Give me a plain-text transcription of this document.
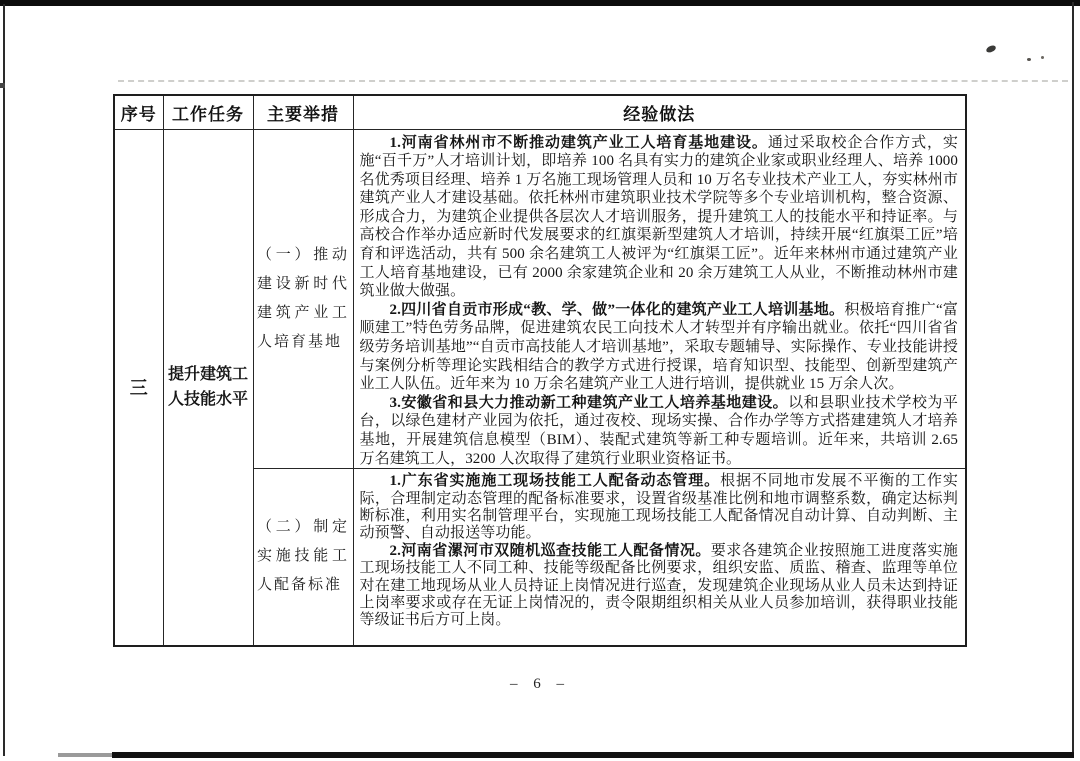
序号	工作任务	主要举措	经验做法
三	提升建筑工人技能水平	（一）推动建设新时代建筑产业工人培育基地	1.河南省林州市不断推动建筑产业工人培育基地建设。通过采取校企合作方式，实施“百千万”人才培训计划，即培养 100 名具有实力的建筑企业家或职业经理人、培养 1000 名优秀项目经理、培养 1 万名施工现场管理人员和 10 万名专业技术产业工人，夯实林州市建筑产业人才建设基础。依托林州市建筑职业技术学院等多个专业培训机构，整合资源、形成合力，为建筑企业提供各层次人才培训服务，提升建筑工人的技能水平和持证率。与高校合作举办适应新时代发展要求的红旗渠新型建筑人才培训，持续开展“红旗渠工匠”培育和评选活动，共有 500 余名建筑工人被评为“红旗渠工匠”。近年来林州市通过建筑产业工人培育基地建设，已有 2000 余家建筑企业和 20 余万建筑工人从业，不断推动林州市建筑业做大做强。

2.四川省自贡市形成“教、学、做”一体化的建筑产业工人培训基地。积极培育推广“富顺建工”特色劳务品牌，促进建筑农民工向技术人才转型并有序输出就业。依托“四川省省级劳务培训基地”“自贡市高技能人才培训基地”，采取专题辅导、实际操作、专业技能讲授与案例分析等理论实践相结合的教学方式进行授课，培育知识型、技能型、创新型建筑产业工人队伍。近年来为 10 万余名建筑产业工人进行培训，提供就业 15 万余人次。

3.安徽省和县大力推动新工种建筑产业工人培养基地建设。以和县职业技术学校为平台，以绿色建材产业园为依托，通过夜校、现场实操、合作办学等方式搭建建筑人才培养基地，开展建筑信息模型（BIM）、装配式建筑等新工种专题培训。近年来，共培训 2.65 万名建筑工人，3200 人次取得了建筑行业职业资格证书。

		（二）制定实施技能工人配备标准	1.广东省实施施工现场技能工人配备动态管理。根据不同地市发展不平衡的工作实际，合理制定动态管理的配备标准要求，设置省级基准比例和地市调整系数，确定达标判断标准，利用实名制管理平台，实现施工现场技能工人配备情况自动计算、自动判断、主动预警、自动报送等功能。

2.河南省漯河市双随机巡查技能工人配备情况。要求各建筑企业按照施工进度落实施工现场技能工人不同工种、技能等级配备比例要求，组织安监、质监、稽查、监理等单位对在建工地现场从业人员持证上岗情况进行巡查，发现建筑企业现场从业人员未达到持证上岗率要求或存在无证上岗情况的，责令限期组织相关从业人员参加培训，获得职业技能等级证书后方可上岗。

– 6 –
